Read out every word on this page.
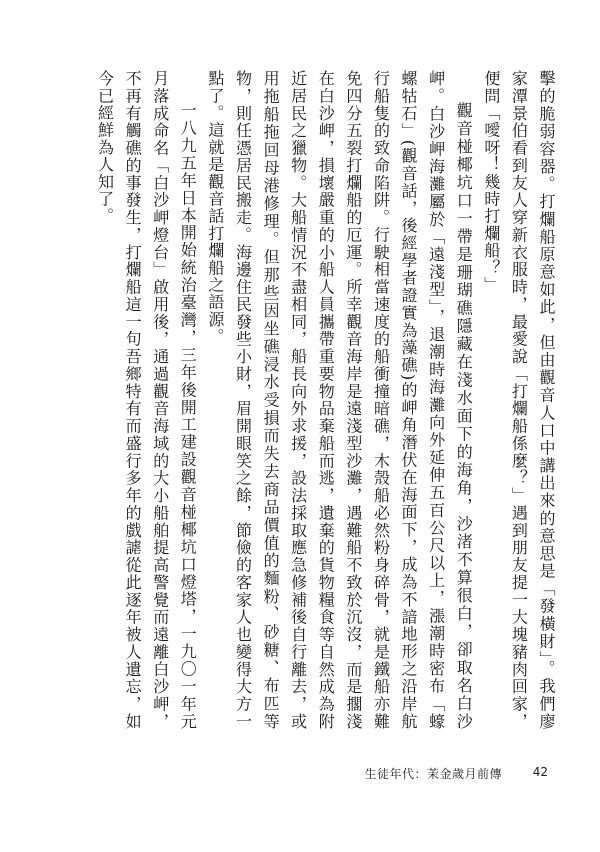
擊的脆弱容器。打爛船原意如此，但由觀音人口中講出來的意思是「發橫財」。我們廖家潭景伯看到友人穿新衣服時，最愛說「打爛船係麼？」遇到朋友提一大塊豬肉回家，便問「噯呀！幾時打爛船？」

觀音椪椰坑口一帶是珊瑚礁隱藏在淺水面下的海角，沙渚不算很白，卻取名白沙岬。白沙岬海灘屬於「遠淺型」，退潮時海灘向外延伸五百公尺以上，漲潮時密布「蠔螺牯石」(觀音話，後經學者證實為藻礁)的岬角潛伏在海面下，成為不諳地形之沿岸航行船隻的致命陷阱。行駛相當速度的船衝撞暗礁，木殼船必然粉身碎骨，就是鐵船亦難免四分五裂打爛船的厄運。所幸觀音海岸是遠淺型沙灘，遇難船不致於沉沒，而是擱淺在白沙岬，損壞嚴重的小船人員攜帶重要物品棄船而逃，遺棄的貨物糧食等自然成為附近居民之獵物。大船情況不盡相同，船長向外求援，設法採取應急修補後自行離去，或用拖船拖回母港修理。但那些因坐礁浸水受損而失去商品價值的麵粉、砂糖、布匹等物，則任憑居民搬走。海邊住民發些小財，眉開眼笑之餘，節儉的客家人也變得大方一點了。這就是觀音話打爛船之語源。

一八九五年日本開始統治臺灣，三年後開工建設觀音椪椰坑口燈塔，一九〇一年元月落成命名「白沙岬燈台」啟用後，通過觀音海域的大小船舶提高警覺而遠離白沙岬，不再有觸礁的事發生，打爛船這一句吾鄉特有而盛行多年的戲謔從此逐年被人遺忘，如今已經鮮為人知了。

生徒年代：茉金歲月前傳	42
